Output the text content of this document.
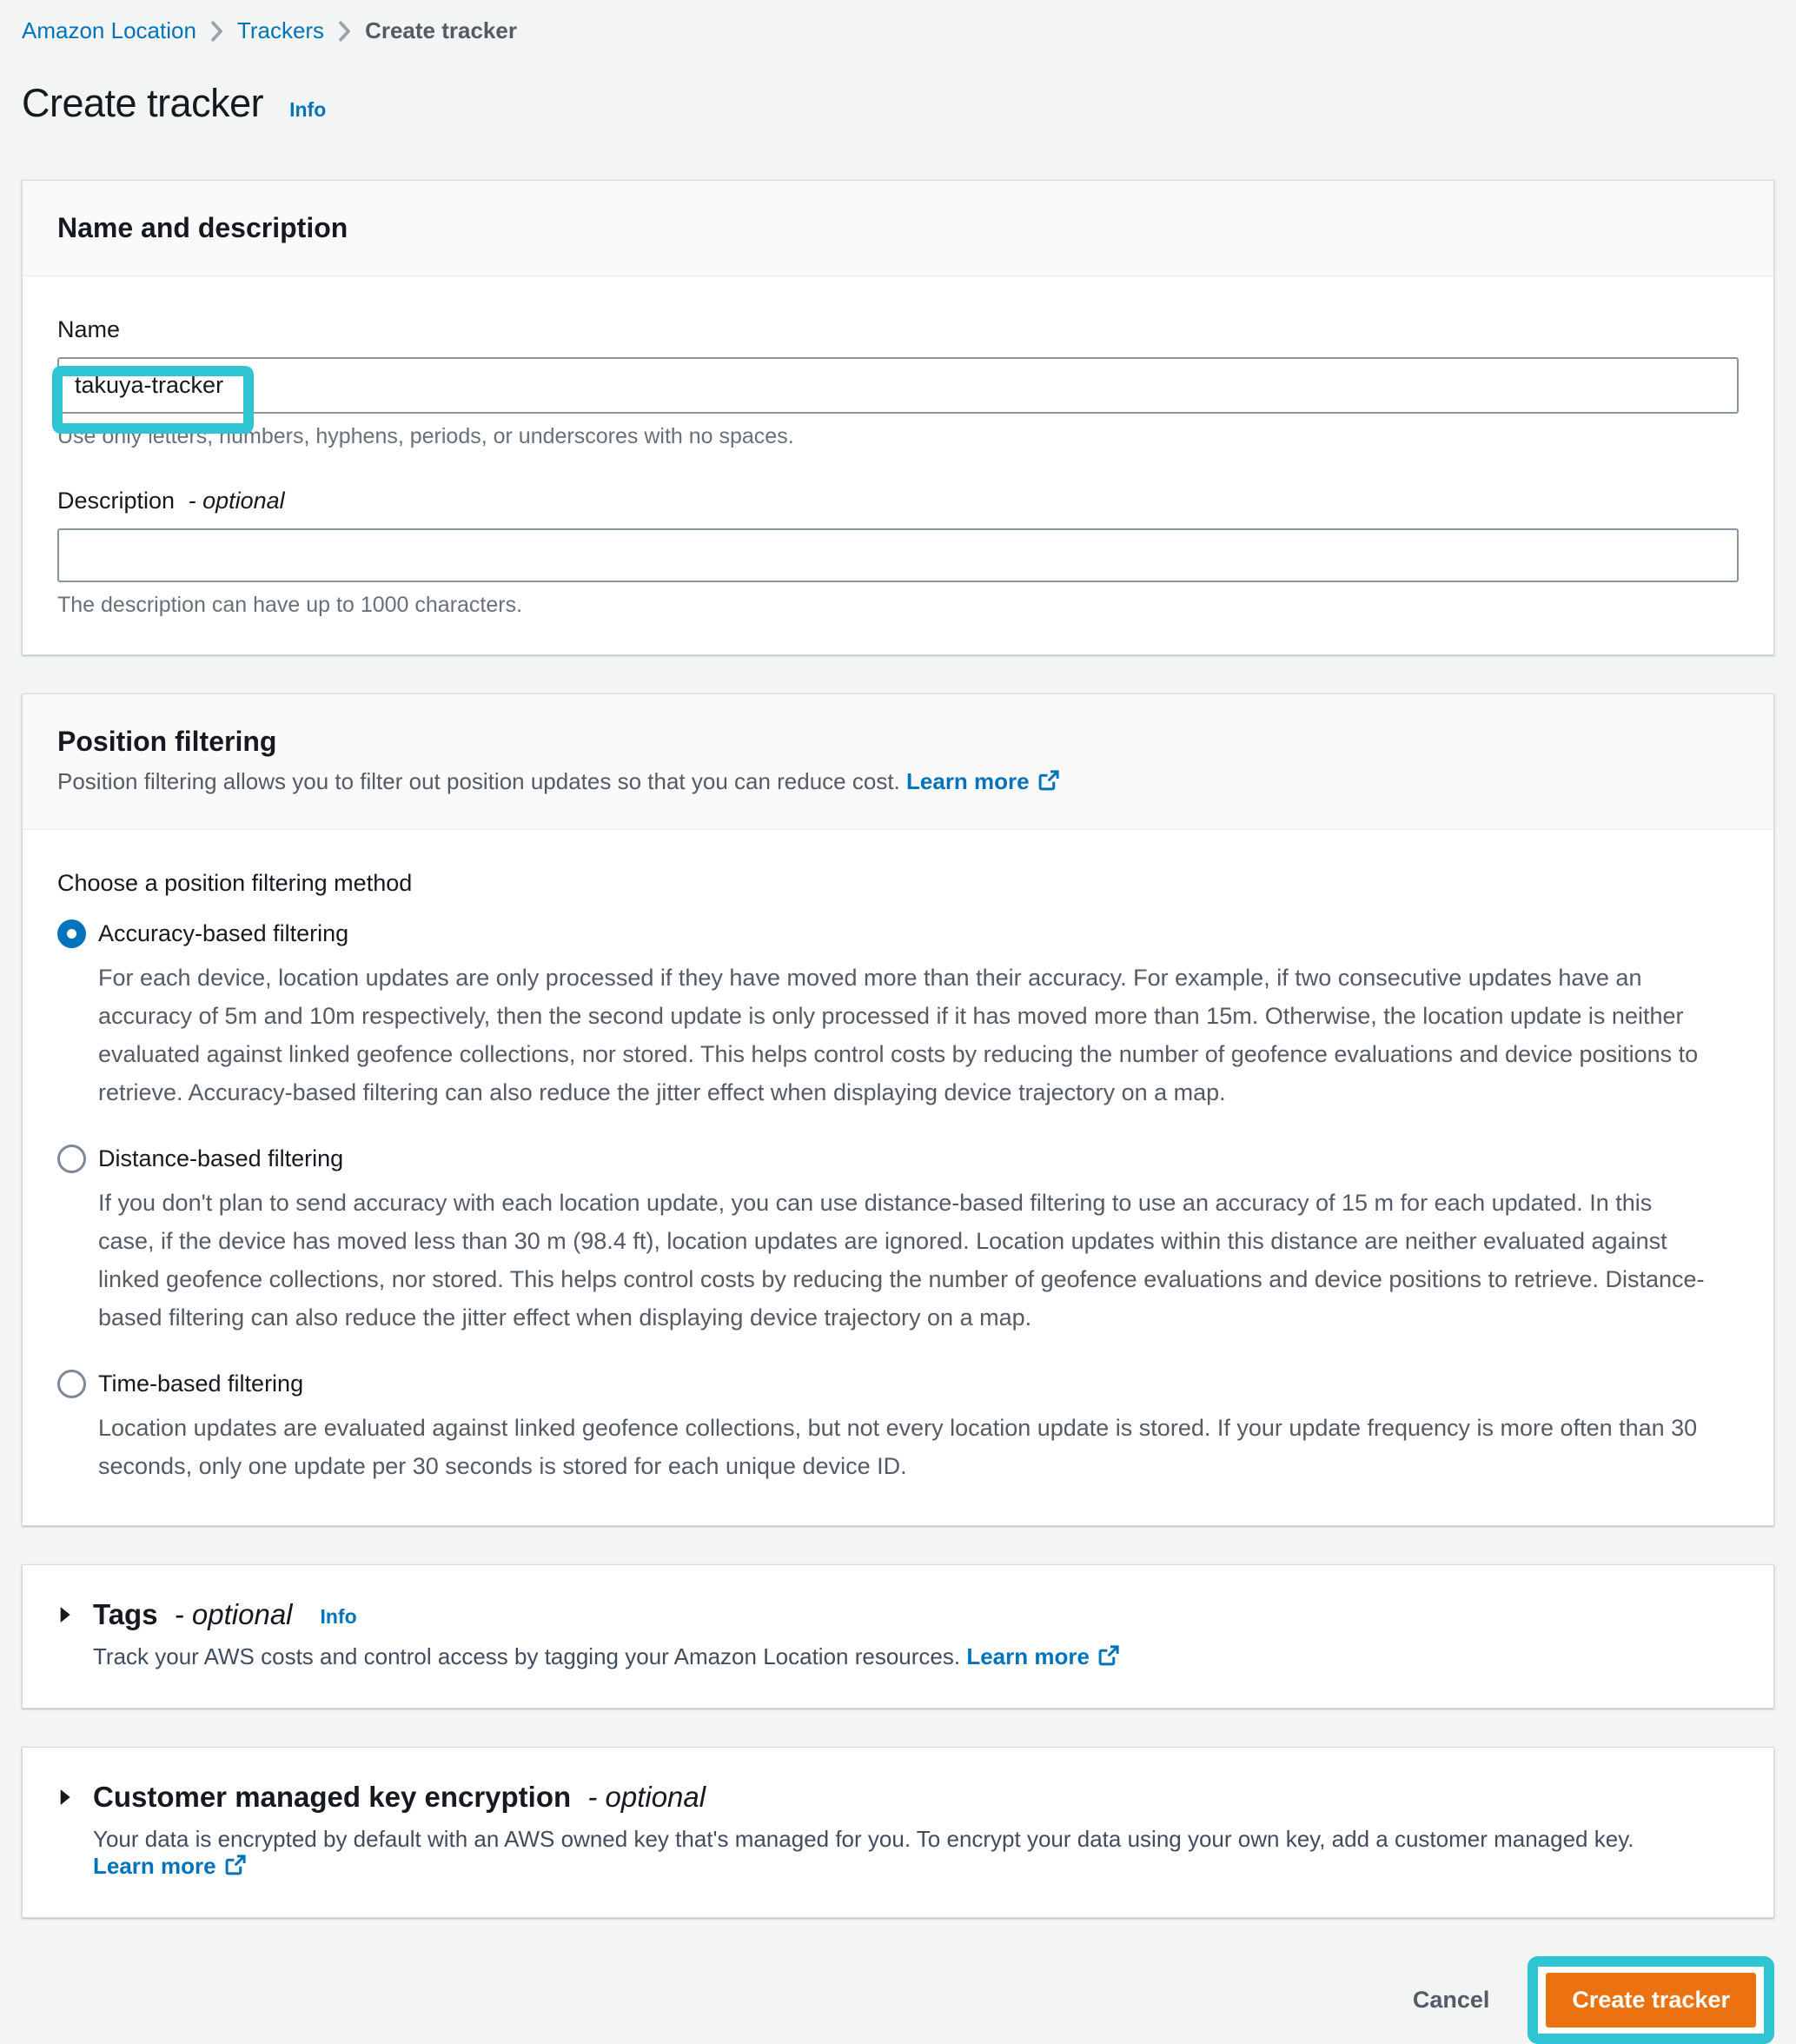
Amazon Location Trackers Create tracker
Create tracker Info
Name and description
Name
takuya-tracker
Use only letters, numbers, hyphens, periods, or underscores with no spaces.
Description - optional
The description can have up to 1000 characters.
Position filtering
Position filtering allows you to filter out position updates so that you can reduce cost. Learn more
Choose a position filtering method
Accuracy-based filtering

For each device, location updates are only processed if they have moved more than their accuracy. For example, if two consecutive updates have an accuracy of 5m and 10m respectively, then the second update is only processed if it has moved more than 15m. Otherwise, the location update is neither evaluated against linked geofence collections, nor stored. This helps control costs by reducing the number of geofence evaluations and device positions to retrieve. Accuracy-based filtering can also reduce the jitter effect when displaying device trajectory on a map.

Distance-based filtering

If you don't plan to send accuracy with each location update, you can use distance-based filtering to use an accuracy of 15 m for each updated. In this case, if the device has moved less than 30 m (98.4 ft), location updates are ignored. Location updates within this distance are neither evaluated against linked geofence collections, nor stored. This helps control costs by reducing the number of geofence evaluations and device positions to retrieve. Distance-based filtering can also reduce the jitter effect when displaying device trajectory on a map.

Time-based filtering

Location updates are evaluated against linked geofence collections, but not every location update is stored. If your update frequency is more often than 30 seconds, only one update per 30 seconds is stored for each unique device ID.

Tags - optional Info
Track your AWS costs and control access by tagging your Amazon Location resources. Learn more
Customer managed key encryption - optional
Your data is encrypted by default with an AWS owned key that's managed for you. To encrypt your data using your own key, add a customer managed key. Learn more
Cancel	Create tracker
